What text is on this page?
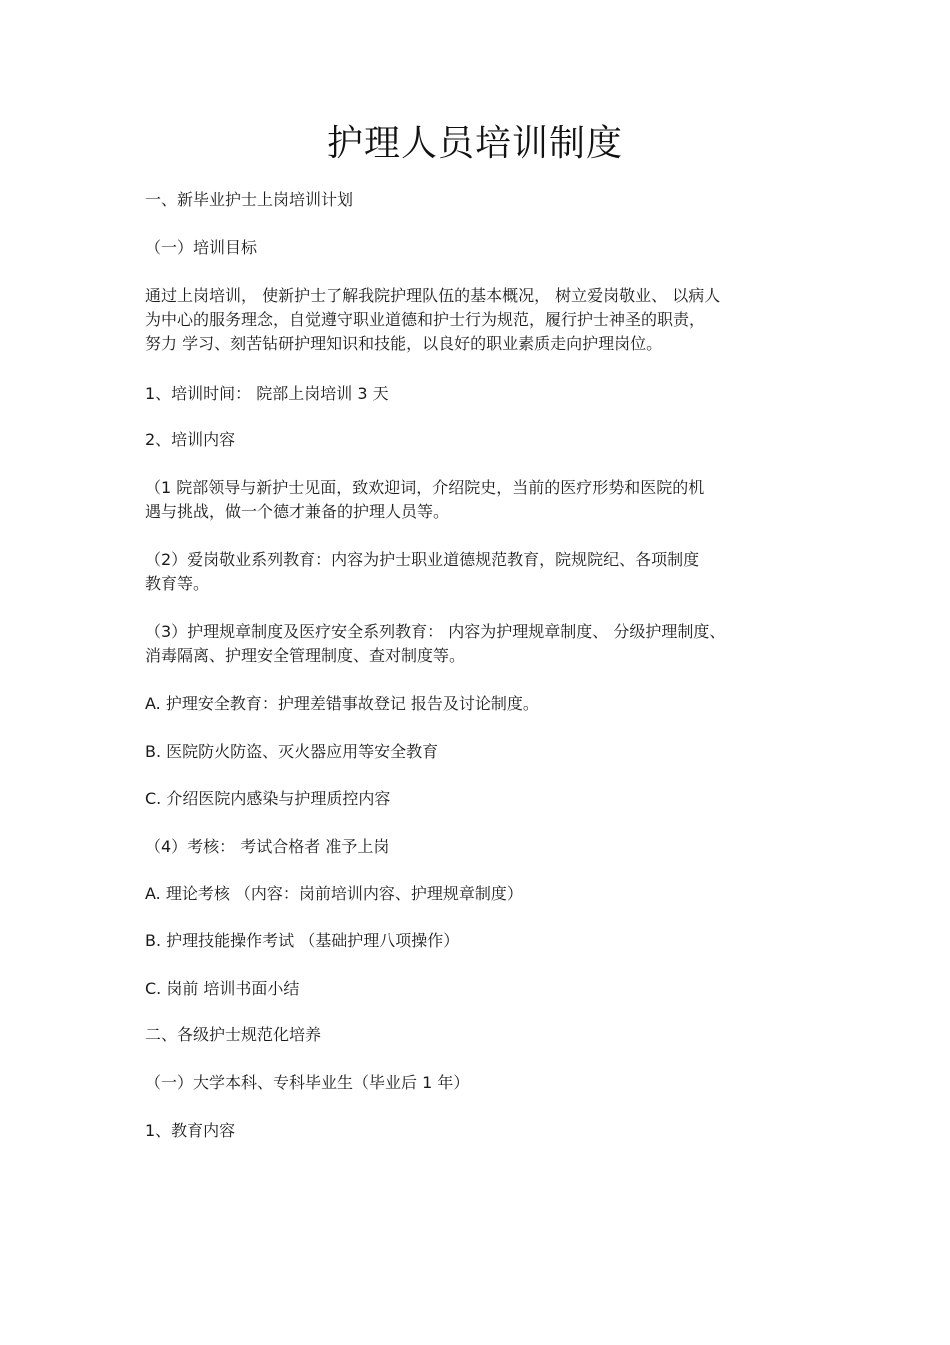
护理人员培训制度
一、新毕业护士上岗培训计划
（一）培训目标
通过上岗培训， 使新护士了解我院护理队伍的基本概况， 树立爱岗敬业、 以病人
为中心的服务理念，自觉遵守职业道德和护士行为规范，履行护士神圣的职责，
努力 学习、刻苦钻研护理知识和技能，以良好的职业素质走向护理岗位。
1、培训时间： 院部上岗培训 3 天
2、培训内容
（1 院部领导与新护士见面，致欢迎词，介绍院史，当前的医疗形势和医院的机
遇与挑战，做一个德才兼备的护理人员等。
（2）爱岗敬业系列教育：内容为护士职业道德规范教育，院规院纪、各项制度
教育等。
（3）护理规章制度及医疗安全系列教育： 内容为护理规章制度、 分级护理制度、
消毒隔离、护理安全管理制度、查对制度等。
A. 护理安全教育：护理差错事故登记 报告及讨论制度。
B. 医院防火防盗、灭火器应用等安全教育
C. 介绍医院内感染与护理质控内容
（4）考核： 考试合格者 准予上岗
A. 理论考核 （内容：岗前培训内容、护理规章制度）
B. 护理技能操作考试 （基础护理八项操作）
C. 岗前 培训书面小结
二、各级护士规范化培养
（一）大学本科、专科毕业生（毕业后 1 年）
1、教育内容
